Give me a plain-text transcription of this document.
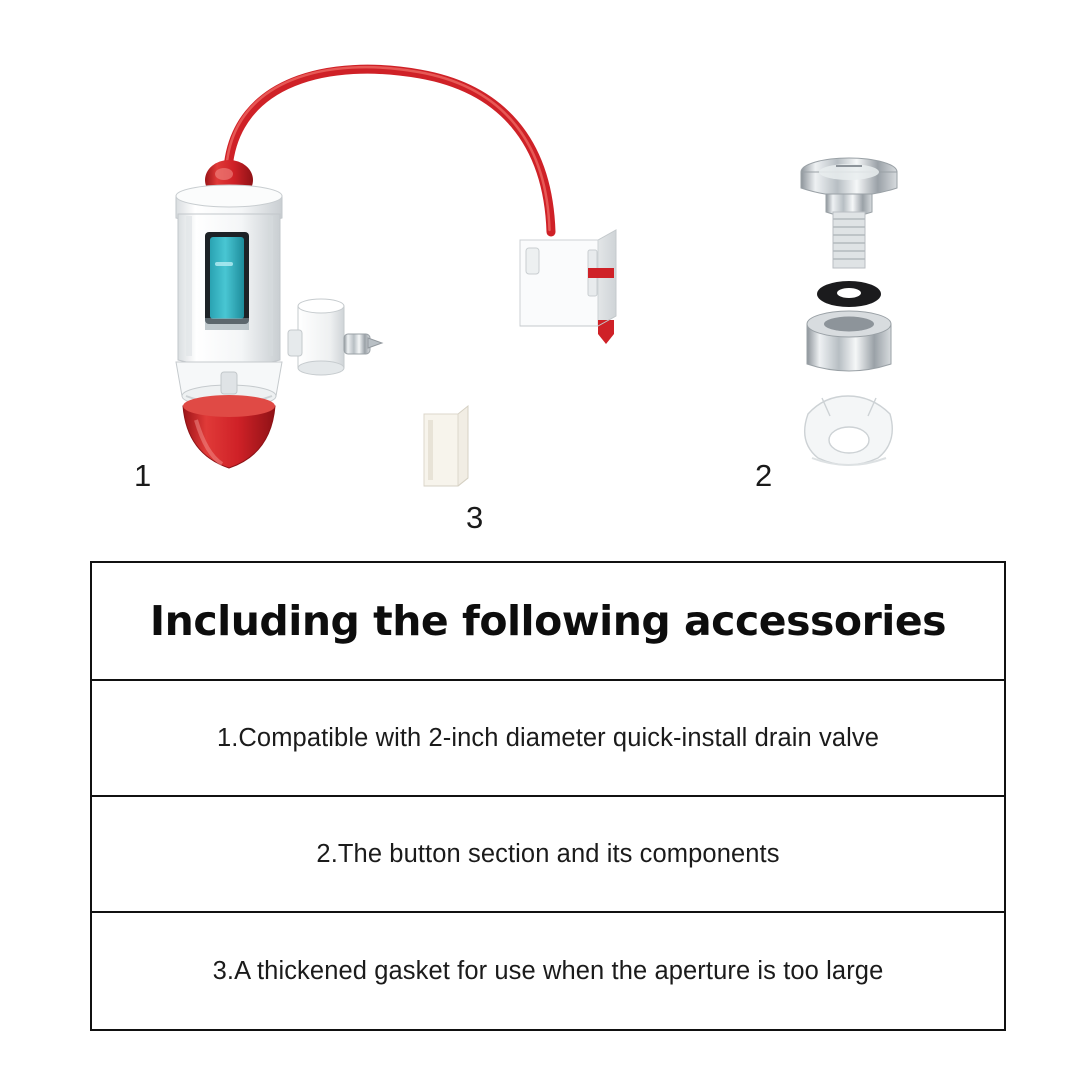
1	2
3
Including the following accessories
1.Compatible with 2-inch diameter quick-install drain valve
2.The button section and its components
3.A thickened gasket for use when the aperture is too large
